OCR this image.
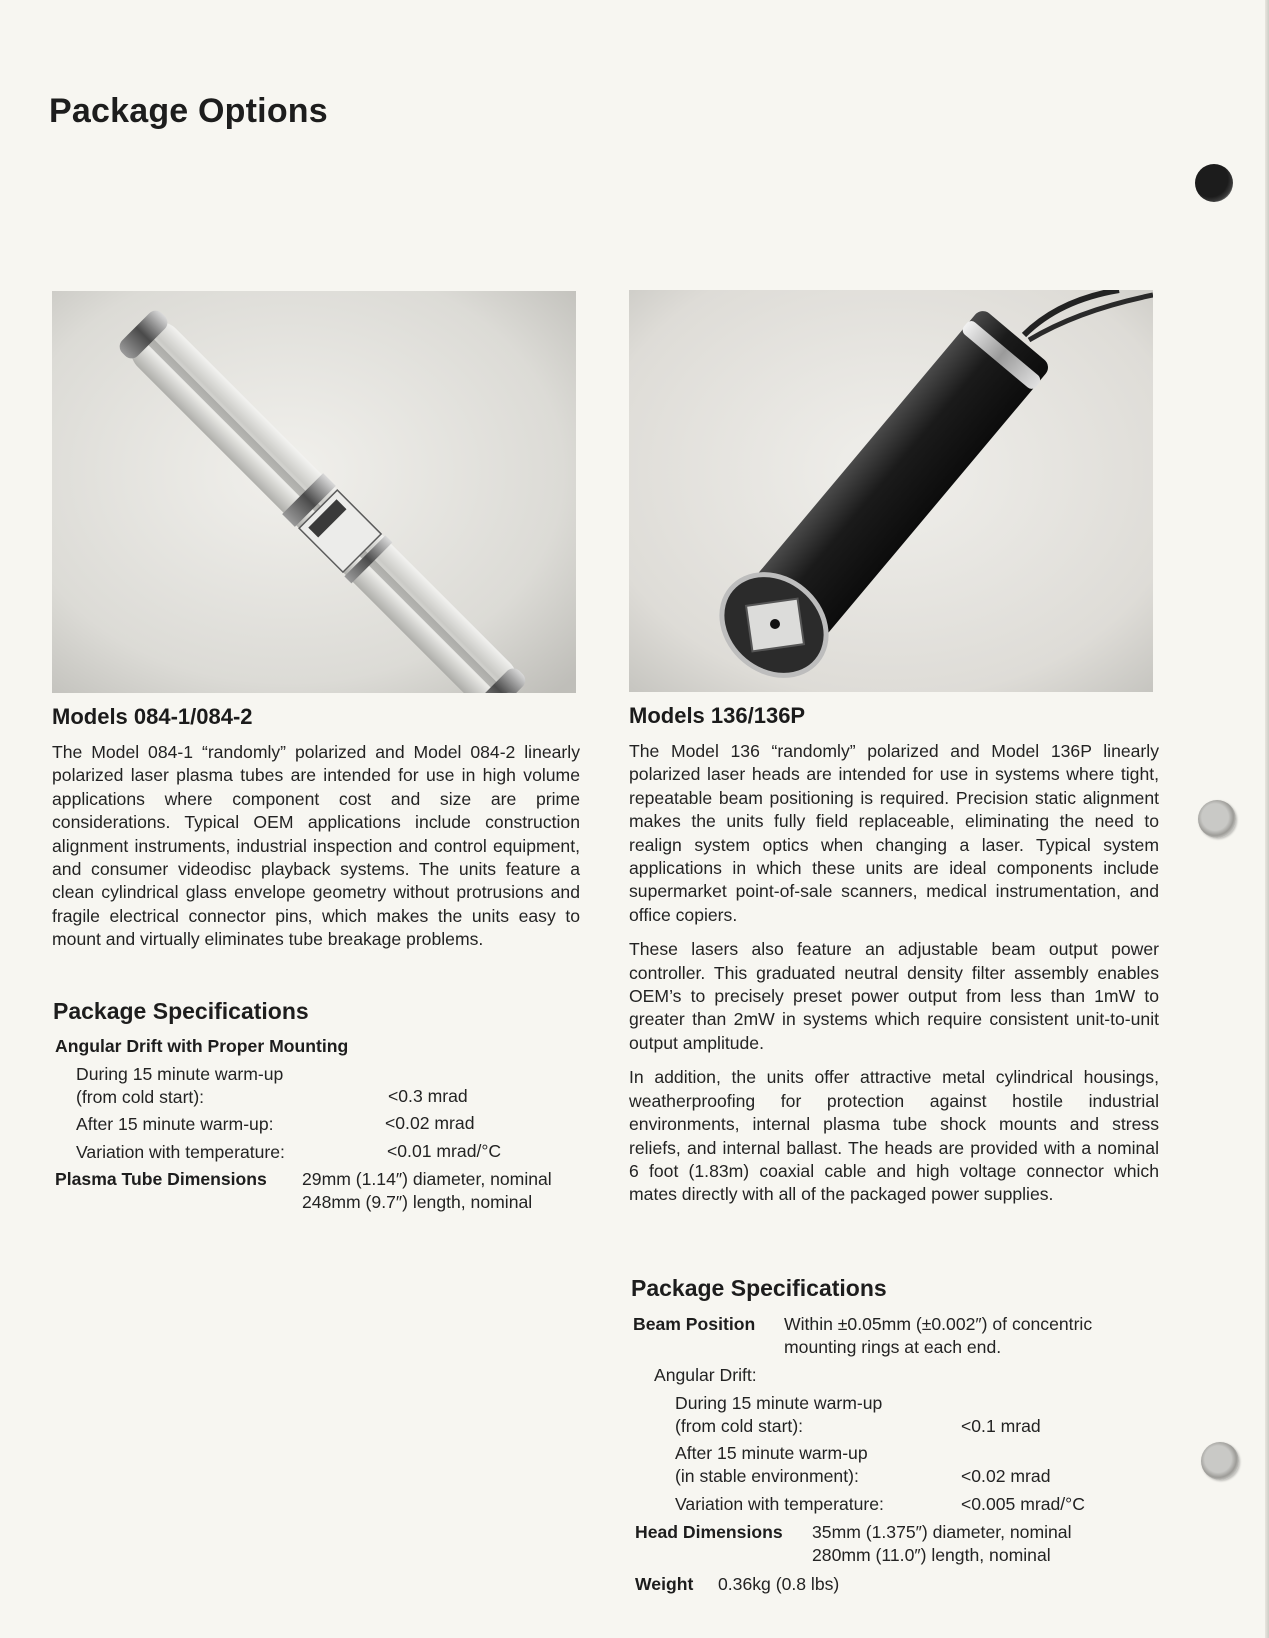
Package Options
Models 084-1/084-2

The Model 084-1 “randomly” polarized and Model 084-2 linearly polarized laser plasma tubes are intended for use in high volume applications where component cost and size are prime considerations. Typical OEM applications include construction alignment instruments, industrial inspection and control equipment, and consumer videodisc playback systems. The units feature a clean cylindrical glass envelope geometry without protrusions and fragile electrical connector pins, which makes the units easy to mount and virtually eliminates tube breakage problems.

Package Specifications
Angular Drift with Proper Mounting
During 15 minute warm-up
(from cold start):	<0.3 mrad
After 15 minute warm-up:	<0.02 mrad
Variation with temperature:	<0.01 mrad/°C
Plasma Tube Dimensions 29mm (1.14″) diameter, nominal
248mm (9.7″) length, nominal
Models 136/136P

The Model 136 “randomly” polarized and Model 136P linearly polarized laser heads are intended for use in systems where tight, repeatable beam positioning is required. Precision static alignment makes the units fully field replaceable, eliminating the need to realign system optics when changing a laser. Typical system applications in which these units are ideal components include supermarket point-of-sale scanners, medical instrumentation, and office copiers.

These lasers also feature an adjustable beam output power controller. This graduated neutral density filter assembly enables OEM’s to precisely preset power output from less than 1mW to greater than 2mW in systems which require consistent unit-to-unit output amplitude.

In addition, the units offer attractive metal cylindrical housings, weatherproofing for protection against hostile industrial environments, internal plasma tube shock mounts and stress reliefs, and internal ballast. The heads are provided with a nominal 6 foot (1.83m) coaxial cable and high voltage connector which mates directly with all of the packaged power supplies.

Package Specifications
Beam Position Within ±0.05mm (±0.002″) of concentric
mounting rings at each end.
Angular Drift:
During 15 minute warm-up
(from cold start):	<0.1 mrad
After 15 minute warm-up
(in stable environment):	<0.02 mrad
Variation with temperature:	<0.005 mrad/°C
Head Dimensions 35mm (1.375″) diameter, nominal
280mm (11.0″) length, nominal
Weight 0.36kg (0.8 lbs)
